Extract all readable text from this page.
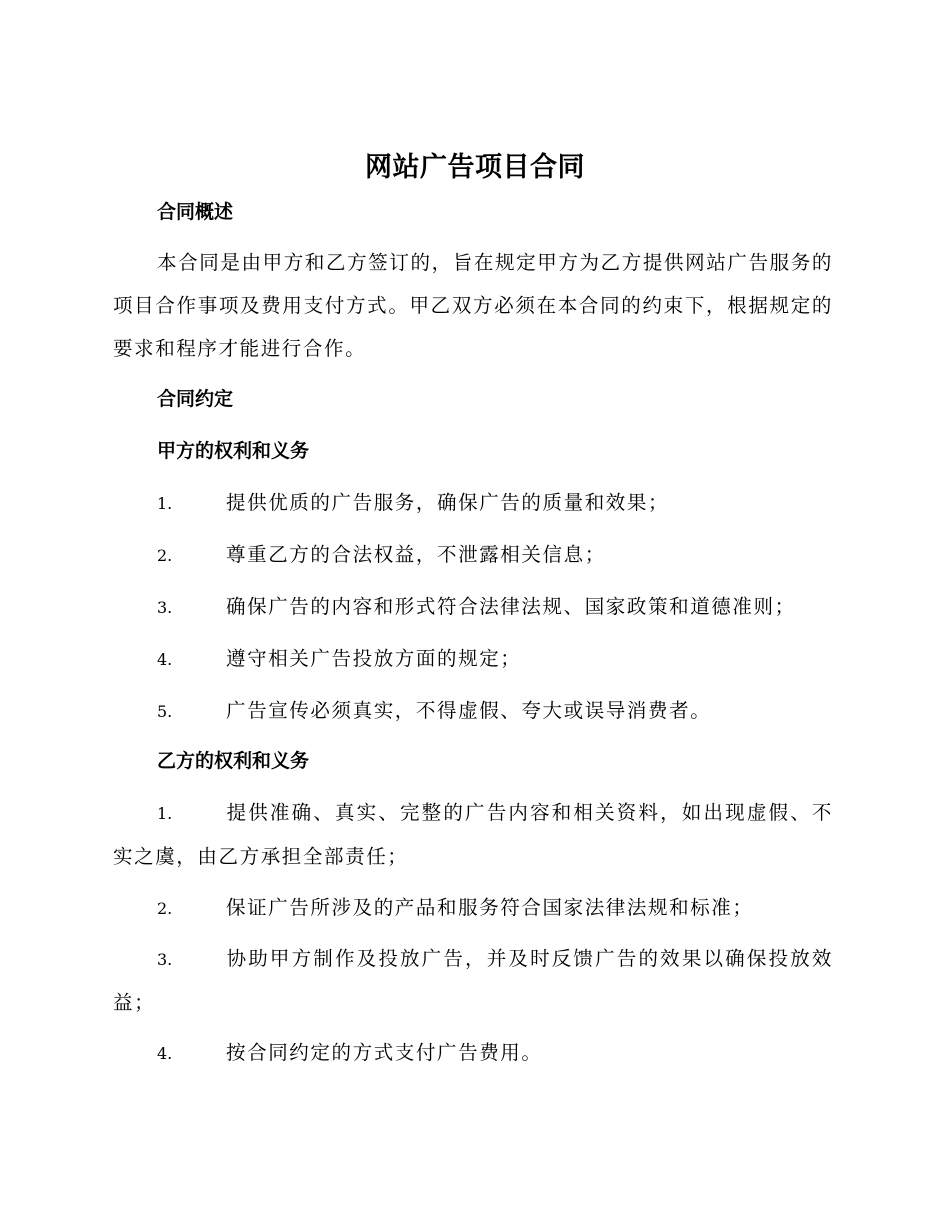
网站广告项目合同

合同概述

本合同是由甲方和乙方签订的，旨在规定甲方为乙方提供网站广告服务的项目合作事项及费用支付方式。甲乙双方必须在本合同的约束下，根据规定的要求和程序才能进行合作。

合同约定

甲方的权利和义务

1.	提供优质的广告服务，确保广告的质量和效果；

2.	尊重乙方的合法权益，不泄露相关信息；

3.	确保广告的内容和形式符合法律法规、国家政策和道德准则；

4.	遵守相关广告投放方面的规定；

5.	广告宣传必须真实，不得虚假、夸大或误导消费者。

乙方的权利和义务

1.	提供准确、真实、完整的广告内容和相关资料，如出现虚假、不实之虞，由乙方承担全部责任；

2.	保证广告所涉及的产品和服务符合国家法律法规和标准；

3.	协助甲方制作及投放广告，并及时反馈广告的效果以确保投放效益；

4.	按合同约定的方式支付广告费用。
